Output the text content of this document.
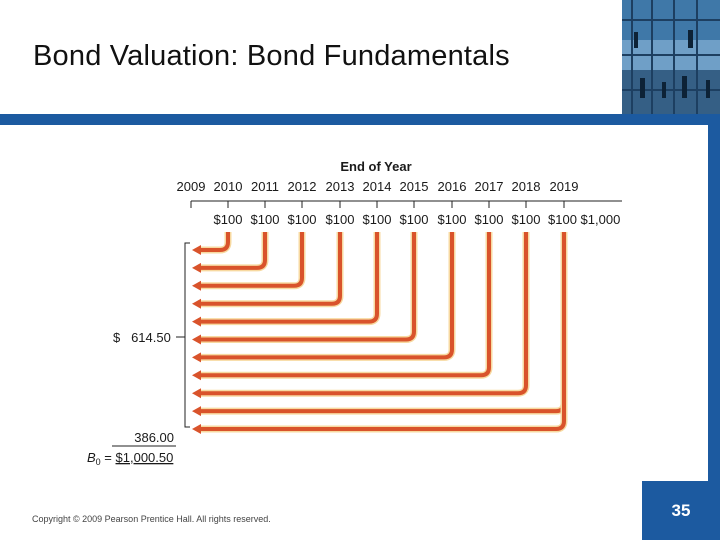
Bond Valuation: Bond Fundamentals
End of Year
2009 2010 2011 2012 2013 2014 2015 2016 2017 2018 2019
$100 $100 $100 $100 $100 $100 $100 $100 $100 $100 $1,000
$   614.50
386.00
$B_0$ = $1,000.50
Copyright © 2009 Pearson Prentice Hall. All rights reserved.	35
